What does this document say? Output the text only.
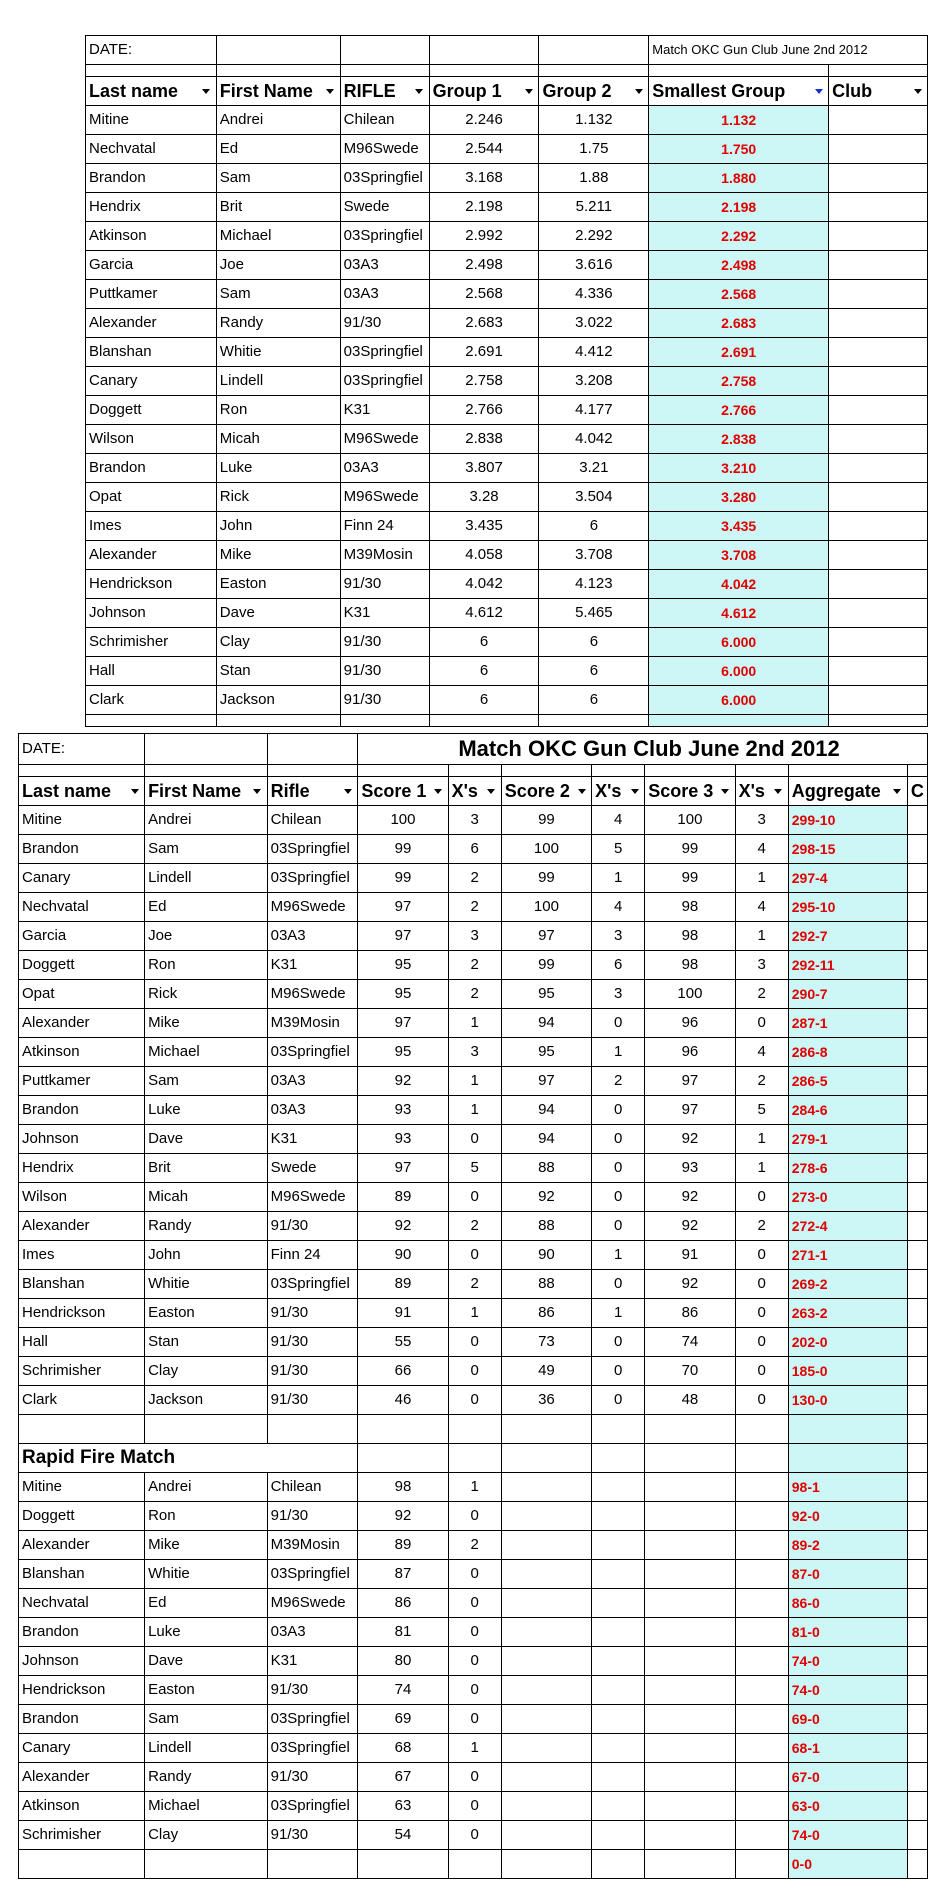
DATE:					Match OKC Gun Club June 2nd 2012	

Last name	First Name	RIFLE	Group 1	Group 2	Smallest Group	Club

Mitine	Andrei	Chilean	2.246	1.132	1.132	
Nechvatal	Ed	M96Swede	2.544	1.75	1.750	
Brandon	Sam	03Springfiel	3.168	1.88	1.880	
Hendrix	Brit	Swede	2.198	5.211	2.198	
Atkinson	Michael	03Springfiel	2.992	2.292	2.292	
Garcia	Joe	03A3	2.498	3.616	2.498	
Puttkamer	Sam	03A3	2.568	4.336	2.568	
Alexander	Randy	91/30	2.683	3.022	2.683	
Blanshan	Whitie	03Springfiel	2.691	4.412	2.691	
Canary	Lindell	03Springfiel	2.758	3.208	2.758	
Doggett	Ron	K31	2.766	4.177	2.766	
Wilson	Micah	M96Swede	2.838	4.042	2.838	
Brandon	Luke	03A3	3.807	3.21	3.210	
Opat	Rick	M96Swede	3.28	3.504	3.280	
Imes	John	Finn 24	3.435	6	3.435	
Alexander	Mike	M39Mosin	4.058	3.708	3.708	
Hendrickson	Easton	91/30	4.042	4.123	4.042	
Johnson	Dave	K31	4.612	5.465	4.612	
Schrimisher	Clay	91/30	6	6	6.000	
Hall	Stan	91/30	6	6	6.000	
Clark	Jackson	91/30	6	6	6.000	

DATE:			Match OKC Gun Club June 2nd 2012							

Last name	First Name	Rifle	Score 1	X's	Score 2	X's	Score 3	X's	Aggregate	C
Mitine	Andrei	Chilean	100	3	99	4	100	3	299-10	
Brandon	Sam	03Springfiel	99	6	100	5	99	4	298-15	
Canary	Lindell	03Springfiel	99	2	99	1	99	1	297-4	
Nechvatal	Ed	M96Swede	97	2	100	4	98	4	295-10	
Garcia	Joe	03A3	97	3	97	3	98	1	292-7	
Doggett	Ron	K31	95	2	99	6	98	3	292-11	
Opat	Rick	M96Swede	95	2	95	3	100	2	290-7	
Alexander	Mike	M39Mosin	97	1	94	0	96	0	287-1	
Atkinson	Michael	03Springfiel	95	3	95	1	96	4	286-8	
Puttkamer	Sam	03A3	92	1	97	2	97	2	286-5	
Brandon	Luke	03A3	93	1	94	0	97	5	284-6	
Johnson	Dave	K31	93	0	94	0	92	1	279-1	
Hendrix	Brit	Swede	97	5	88	0	93	1	278-6	
Wilson	Micah	M96Swede	89	0	92	0	92	0	273-0	
Alexander	Randy	91/30	92	2	88	0	92	2	272-4	
Imes	John	Finn 24	90	0	90	1	91	0	271-1	
Blanshan	Whitie	03Springfiel	89	2	88	0	92	0	269-2	
Hendrickson	Easton	91/30	91	1	86	1	86	0	263-2	
Hall	Stan	91/30	55	0	73	0	74	0	202-0	
Schrimisher	Clay	91/30	66	0	49	0	70	0	185-0	
Clark	Jackson	91/30	46	0	36	0	48	0	130-0	

Rapid Fire Match										
Mitine	Andrei	Chilean	98	1					98-1	
Doggett	Ron	91/30	92	0					92-0	
Alexander	Mike	M39Mosin	89	2					89-2	
Blanshan	Whitie	03Springfiel	87	0					87-0	
Nechvatal	Ed	M96Swede	86	0					86-0	
Brandon	Luke	03A3	81	0					81-0	
Johnson	Dave	K31	80	0					74-0	
Hendrickson	Easton	91/30	74	0					74-0	
Brandon	Sam	03Springfiel	69	0					69-0	
Canary	Lindell	03Springfiel	68	1					68-1	
Alexander	Randy	91/30	67	0					67-0	
Atkinson	Michael	03Springfiel	63	0					63-0	
Schrimisher	Clay	91/30	54	0					74-0	
									0-0	
